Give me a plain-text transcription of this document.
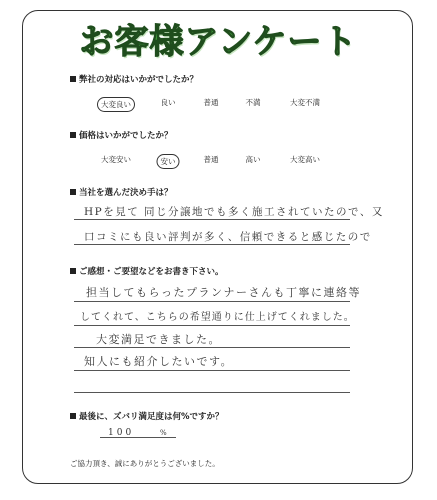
お客様アンケート
弊社の対応はいかがでしたか？
大変良い	良い	普通	不満	大変不満
価格はいかがでしたか？
大変安い	安い	普通	高い	大変高い
当社を選んだ決め手は？
HPを見て 同じ分譲地でも多く施工されていたので、又
口コミにも良い評判が多く、信頼できると感じたので
ご感想・ご要望などをお書き下さい。
担当してもらったプランナーさんも丁寧に連絡等
してくれて、こちらの希望通りに仕上げてくれました。
大変満足できました。
知人にも紹介したいです。
最後に、ズバリ満足度は何%ですか？
100	%
ご協力頂き、誠にありがとうございました。
